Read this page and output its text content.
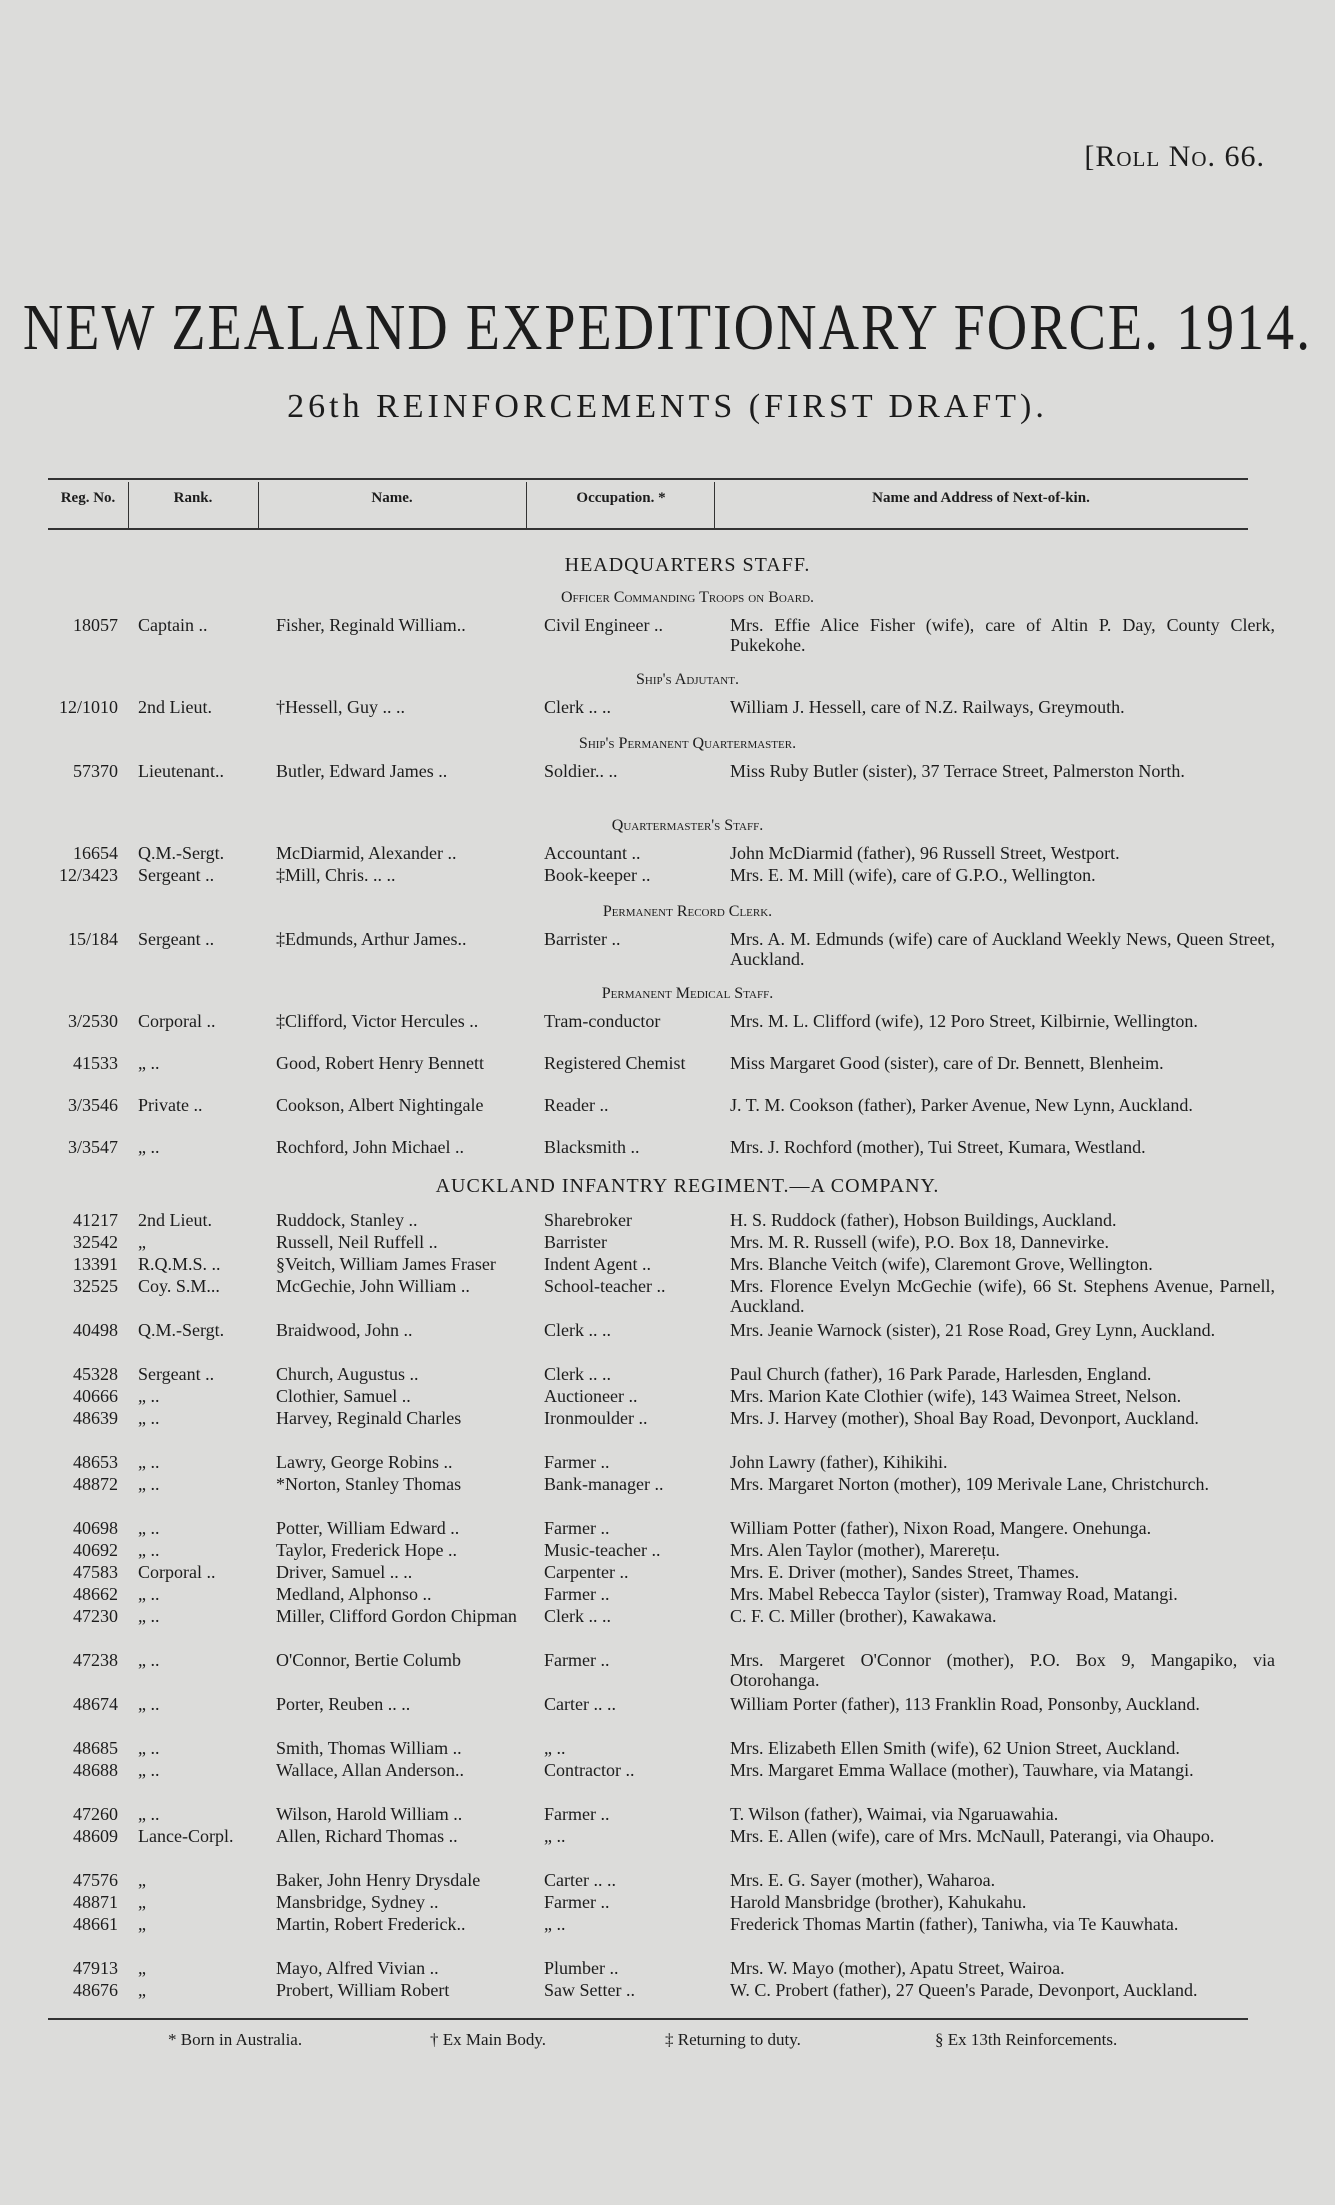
[Roll No. 66.
NEW ZEALAND EXPEDITIONARY FORCE. 1914.
26th REINFORCEMENTS (FIRST DRAFT).
Reg. No.	Rank.	Name.	Occupation. *	Name and Address of Next-of-kin.
HEADQUARTERS STAFF.
Officer Commanding Troops on Board.
18057 Captain ..	Fisher, Reginald William..	Civil Engineer ..	Mrs. Effie Alice Fisher (wife), care of Altin P. Day, County Clerk, Pukekohe.
Ship's Adjutant.
12/1010 2nd Lieut.	†Hessell, Guy .. ..	Clerk .. ..	William J. Hessell, care of N.Z. Railways, Greymouth.
Ship's Permanent Quartermaster.
57370 Lieutenant..	Butler, Edward James ..	Soldier.. ..	Miss Ruby Butler (sister), 37 Terrace Street, Palmerston North.
Quartermaster's Staff.
16654 Q.M.-Sergt.	McDiarmid, Alexander ..	Accountant ..	John McDiarmid (father), 96 Russell Street, Westport.
12/3423 Sergeant ..	‡Mill, Chris. .. ..	Book-keeper ..	Mrs. E. M. Mill (wife), care of G.P.O., Wellington.
Permanent Record Clerk.
15/184 Sergeant ..	‡Edmunds, Arthur James..	Barrister ..	Mrs. A. M. Edmunds (wife) care of Auckland Weekly News, Queen Street, Auckland.
Permanent Medical Staff.
3/2530 Corporal ..	‡Clifford, Victor Hercules ..	Tram-conductor	Mrs. M. L. Clifford (wife), 12 Poro Street, Kilbirnie, Wellington.
41533 „ ..	Good, Robert Henry Bennett	Registered Chemist	Miss Margaret Good (sister), care of Dr. Bennett, Blenheim.
3/3546 Private ..	Cookson, Albert Nightingale	Reader ..	J. T. M. Cookson (father), Parker Avenue, New Lynn, Auckland.
3/3547 „ ..	Rochford, John Michael ..	Blacksmith ..	Mrs. J. Rochford (mother), Tui Street, Kumara, Westland.
AUCKLAND INFANTRY REGIMENT.—A COMPANY.
41217 2nd Lieut.	Ruddock, Stanley ..	Sharebroker	H. S. Ruddock (father), Hobson Buildings, Auckland.
32542 „	Russell, Neil Ruffell ..	Barrister	Mrs. M. R. Russell (wife), P.O. Box 18, Dannevirke.
13391 R.Q.M.S. ..	§Veitch, William James Fraser	Indent Agent ..	Mrs. Blanche Veitch (wife), Claremont Grove, Wellington.
32525 Coy. S.M...	McGechie, John William ..	School-teacher ..	Mrs. Florence Evelyn McGechie (wife), 66 St. Stephens Avenue, Parnell, Auckland.
40498 Q.M.-Sergt.	Braidwood, John ..	Clerk .. ..	Mrs. Jeanie Warnock (sister), 21 Rose Road, Grey Lynn, Auckland.
45328 Sergeant ..	Church, Augustus ..	Clerk .. ..	Paul Church (father), 16 Park Parade, Harlesden, England.
40666 „ ..	Clothier, Samuel ..	Auctioneer ..	Mrs. Marion Kate Clothier (wife), 143 Waimea Street, Nelson.
48639 „ ..	Harvey, Reginald Charles	Ironmoulder ..	Mrs. J. Harvey (mother), Shoal Bay Road, Devonport, Auckland.
48653 „ ..	Lawry, George Robins ..	Farmer ..	John Lawry (father), Kihikihi.
48872 „ ..	*Norton, Stanley Thomas	Bank-manager ..	Mrs. Margaret Norton (mother), 109 Merivale Lane, Christchurch.
40698 „ ..	Potter, William Edward ..	Farmer ..	William Potter (father), Nixon Road, Mangere. Onehunga.
40692 „ ..	Taylor, Frederick Hope ..	Music-teacher ..	Mrs. Alen Taylor (mother), Marerețu.
47583 Corporal ..	Driver, Samuel .. ..	Carpenter ..	Mrs. E. Driver (mother), Sandes Street, Thames.
48662 „ ..	Medland, Alphonso ..	Farmer ..	Mrs. Mabel Rebecca Taylor (sister), Tramway Road, Matangi.
47230 „ ..	Miller, Clifford Gordon Chipman	Clerk .. ..	C. F. C. Miller (brother), Kawakawa.
47238 „ ..	O'Connor, Bertie Columb	Farmer ..	Mrs. Margeret O'Connor (mother), P.O. Box 9, Mangapiko, via Otorohanga.
48674 „ ..	Porter, Reuben .. ..	Carter .. ..	William Porter (father), 113 Franklin Road, Ponsonby, Auckland.
48685 „ ..	Smith, Thomas William ..	„ ..	Mrs. Elizabeth Ellen Smith (wife), 62 Union Street, Auckland.
48688 „ ..	Wallace, Allan Anderson..	Contractor ..	Mrs. Margaret Emma Wallace (mother), Tauwhare, via Matangi.
47260 „ ..	Wilson, Harold William ..	Farmer ..	T. Wilson (father), Waimai, via Ngaruawahia.
48609 Lance-Corpl.	Allen, Richard Thomas ..	„ ..	Mrs. E. Allen (wife), care of Mrs. McNaull, Paterangi, via Ohaupo.
47576 „	Baker, John Henry Drysdale	Carter .. ..	Mrs. E. G. Sayer (mother), Waharoa.
48871 „	Mansbridge, Sydney ..	Farmer ..	Harold Mansbridge (brother), Kahukahu.
48661 „	Martin, Robert Frederick..	„ ..	Frederick Thomas Martin (father), Taniwha, via Te Kauwhata.
47913 „	Mayo, Alfred Vivian ..	Plumber ..	Mrs. W. Mayo (mother), Apatu Street, Wairoa.
48676 „	Probert, William Robert	Saw Setter ..	W. C. Probert (father), 27 Queen's Parade, Devonport, Auckland.
* Born in Australia.	† Ex Main Body.	‡ Returning to duty.	§ Ex 13th Reinforcements.
